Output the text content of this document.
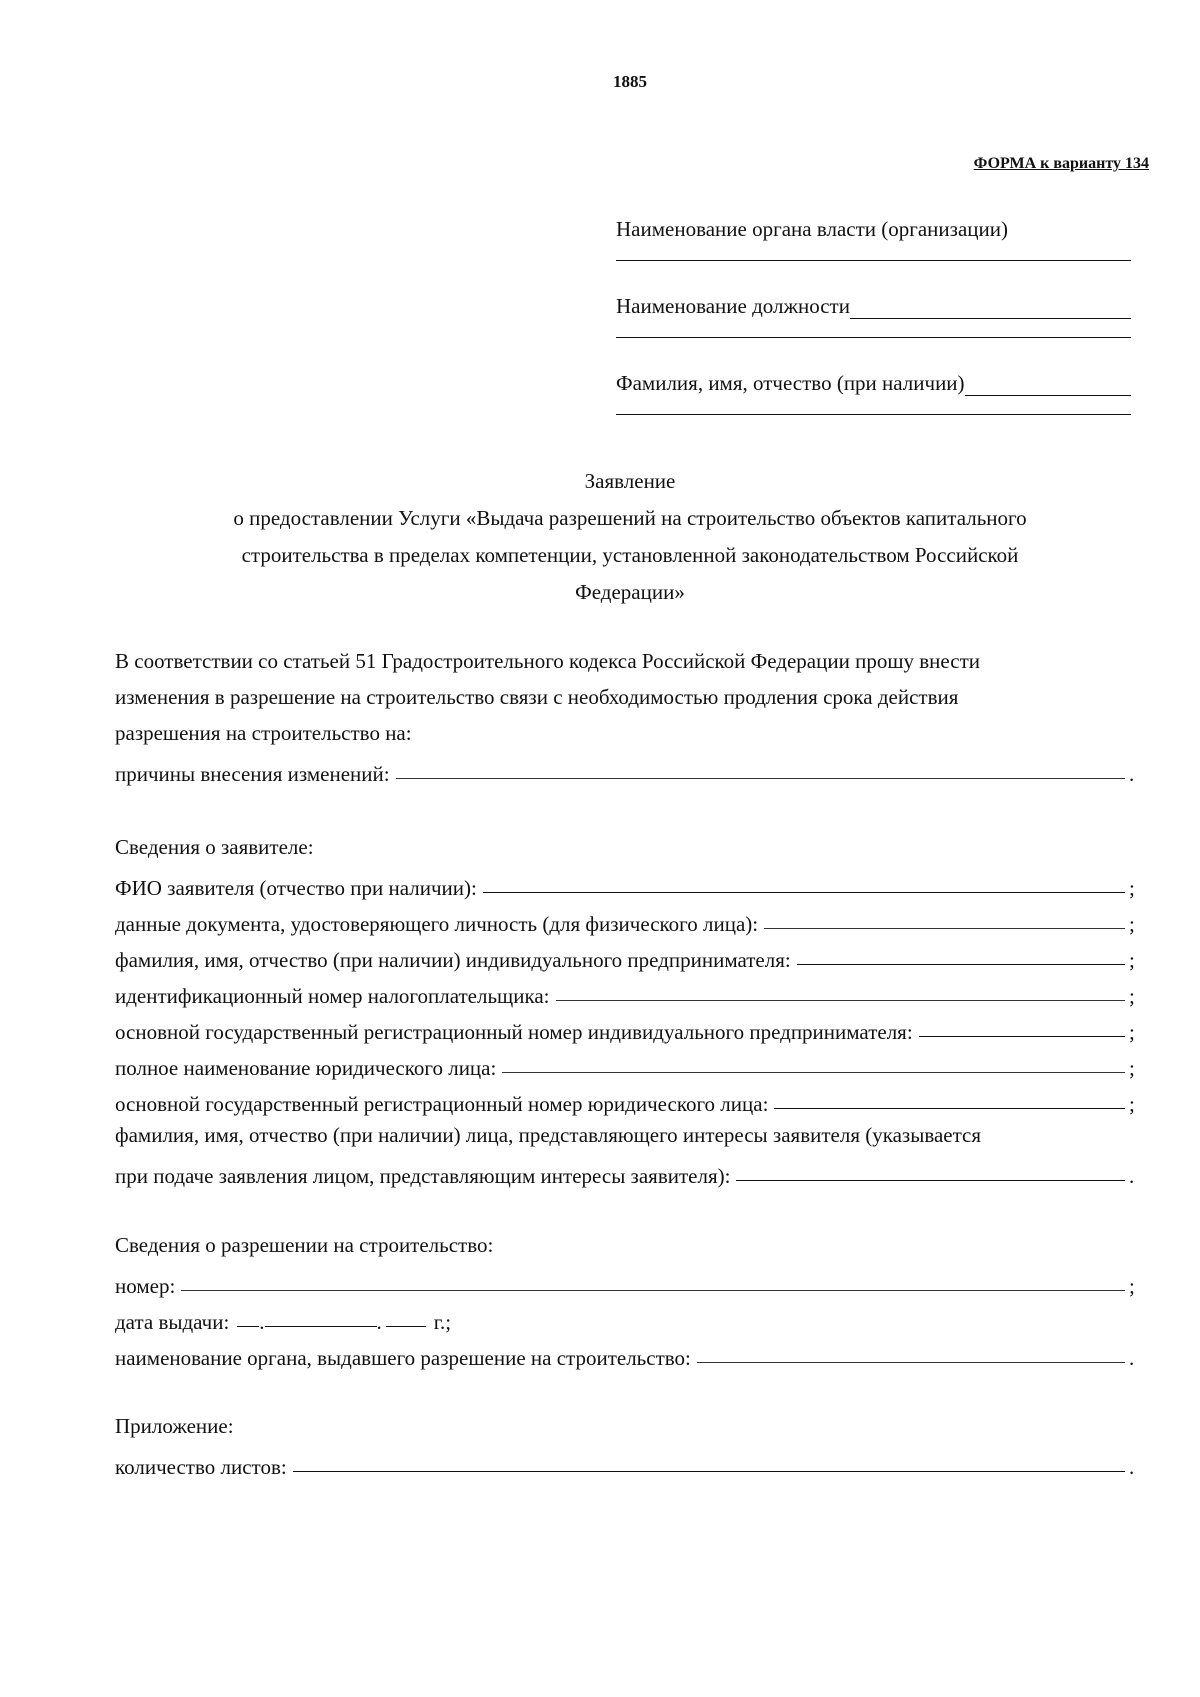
1885
ФОРМА к варианту 134
Наименование органа власти (организации)
Наименование должности
Фамилия, имя, отчество (при наличии)
Заявление
о предоставлении Услуги «Выдача разрешений на строительство объектов капитального
строительства в пределах компетенции, установленной законодательством Российской
Федерации»
В соответствии со статьей 51 Градостроительного кодекса Российской Федерации прошу внести
изменения в разрешение на строительство связи с необходимостью продления срока действия
разрешения на строительство на:
причины внесения изменений:	.
Сведения о заявителе:
ФИО заявителя (отчество при наличии):	;
данные документа, удостоверяющего личность (для физического лица):	;
фамилия, имя, отчество (при наличии) индивидуального предпринимателя:	;
идентификационный номер налогоплательщика:	;
основной государственный регистрационный номер индивидуального предпринимателя:	;
полное наименование юридического лица:	;
основной государственный регистрационный номер юридического лица:	;
фамилия, имя, отчество (при наличии) лица, представляющего интересы заявителя (указывается
при подаче заявления лицом, представляющим интересы заявителя):	.
Сведения о разрешении на строительство:
номер:	;
дата выдачи: .	. г.;
наименование органа, выдавшего разрешение на строительство:	.
Приложение:
количество листов:	.
